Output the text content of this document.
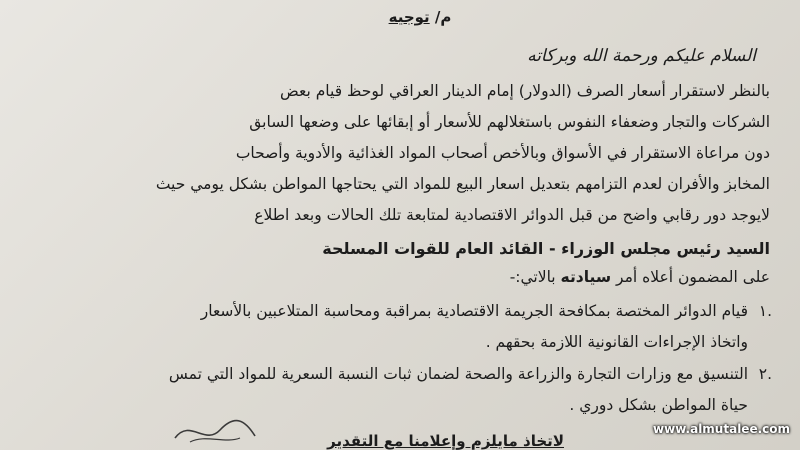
م/ توجيه
السلام عليكم ورحمة الله وبركاته
بالنظر لاستقرار أسعار الصرف (الدولار) إمام الدينار العراقي لوحظ قيام بعض
الشركات والتجار وضعفاء النفوس باستغلالهم للأسعار أو إبقائها على وضعها السابق
دون مراعاة الاستقرار في الأسواق وبالأخص أصحاب المواد الغذائية والأدوية وأصحاب
المخابز والأفران لعدم التزامهم بتعديل اسعار البيع للمواد التي يحتاجها المواطن بشكل يومي حيث
لايوجد دور رقابي واضح من قبل الدوائر الاقتصادية لمتابعة تلك الحالات وبعد اطلاع
السيد رئيس مجلس الوزراء - القائد العام للقوات المسلحة
على المضمون أعلاه أمر سيادته بالاتي:-
١.
قيام الدوائر المختصة بمكافحة الجريمة الاقتصادية بمراقبة ومحاسبة المتلاعبين بالأسعار
واتخاذ الإجراءات القانونية اللازمة بحقهم .
٢.
التنسيق مع وزارات التجارة والزراعة والصحة لضمان ثبات النسبة السعرية للمواد التي تمس
حياة المواطن بشكل دوري .
لاتخاذ مايلزم وإعلامنا مع التقدير
www.almutalee.com
